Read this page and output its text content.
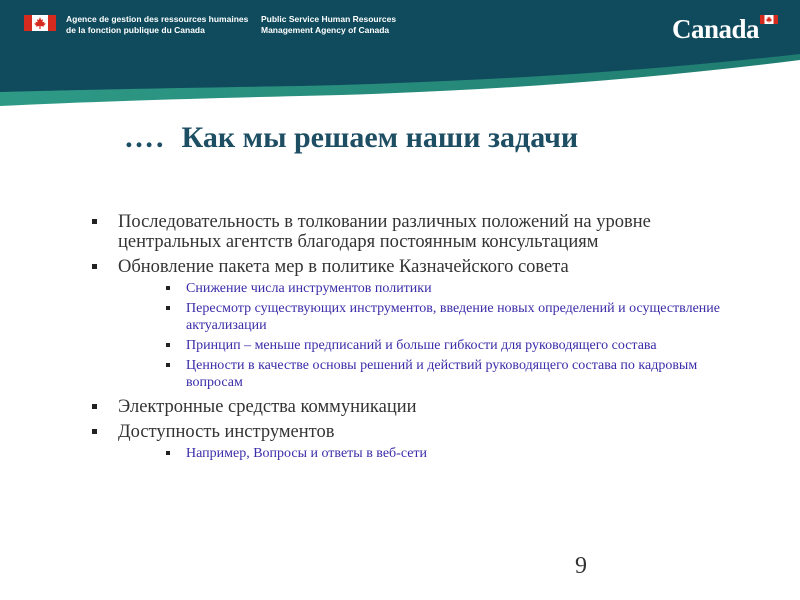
Agence de gestion des ressources humaines
de la fonction publique du Canada
Public Service Human Resources
Management Agency of Canada	Canada
…. Как мы решаем наши задачи
Последовательность в толковании различных положений на уровне центральных агентств благодаря постоянным консультациям
Обновление пакета мер в политике Казначейского совета
Снижение числа инструментов политики
Пересмотр существующих инструментов, введение новых определений и осуществление актуализации
Принцип – меньше предписаний и больше гибкости для руководящего состава
Ценности в качестве основы решений и действий руководящего состава по кадровым вопросам
Электронные средства коммуникации
Доступность инструментов
Например, Вопросы и ответы в веб-сети
9
